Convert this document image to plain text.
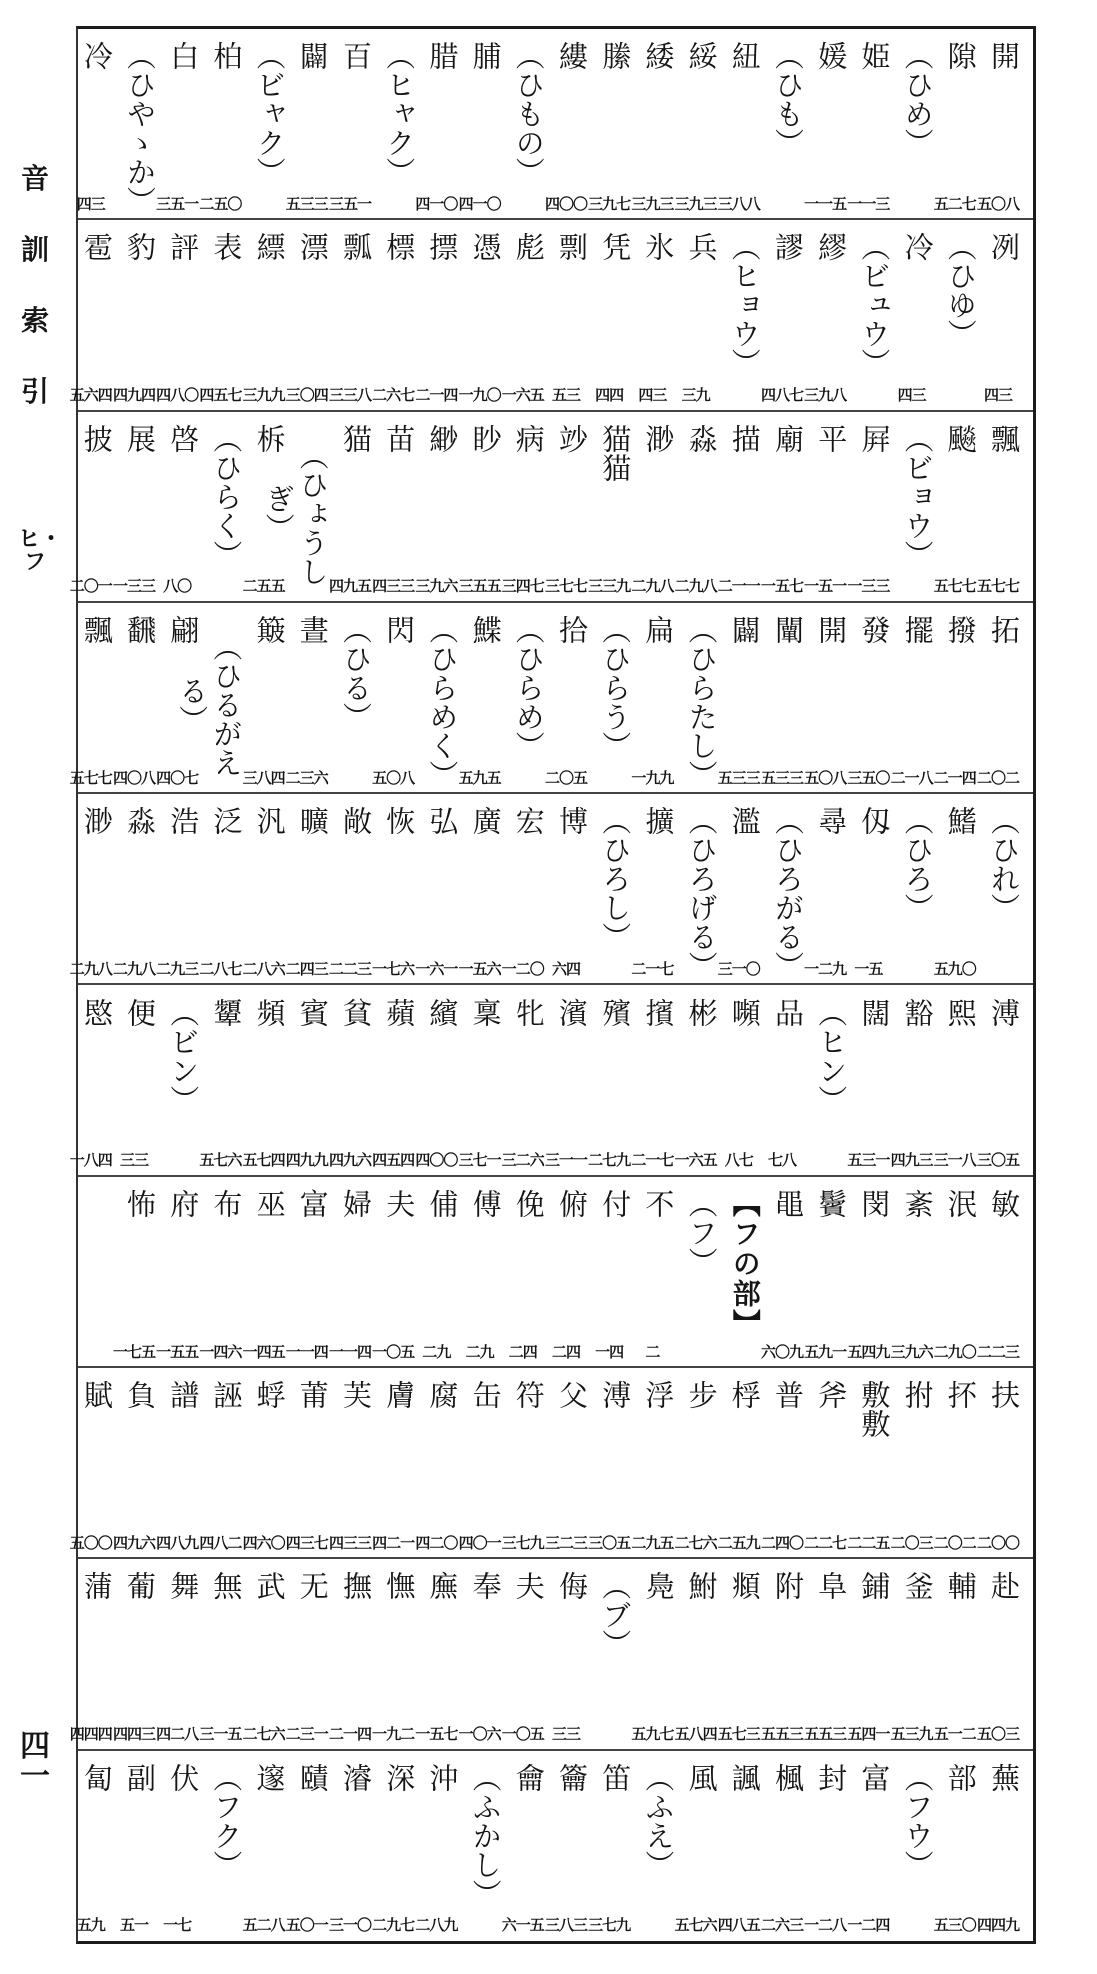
音
訓
索
引
ヒ・フ
四一
開
五〇八
隙
五二七
（ひめ）
姫
一一三
媛
一一五
（ひも）
紐
三八八
綏
三九三
緌
三九三
縢
三九七
縷
四〇〇
（ひもの）
脯
四一〇
腊
四一〇
（ヒャク）
百
三五一
闢
五三三
（ビャク）
柏
二五〇
白
三五一
（ひやゝか）
冷
四三
冽
四三
（ひゆ）
冷
四三
（ビュウ）
繆
三九八
謬
四八七
（ヒョウ）
兵
三九
氷
四三
凭
四四
剽
五三
彪
一六五
憑
一九〇
摽
二一四
標
二六七
瓢
三三八
漂
三〇四
縹
三九九
表
四五七
評
四八〇
豹
四九四
雹
五六四
飄
五七七
飈
五七七
（ビョウ）
屛
一三三
平
一五一
廟
一五七
描
二一一
淼
二九八
渺
二九八
猫猫
三三九
竗
三七七
病
三四七
眇
三五五
緲
三九六
苗
四三三
猫
四九五
（ひょうしぎ）
柝
二五五
（ひらく）
啓
八〇
展
一三三
披
二〇一
拓
二〇二
撥
二一四
擺
二一八
發
三五〇
開
五〇八
闡
五三三
闢
五三三
（ひらたし）
扁
一九九
（ひらう）
拾
二〇五
（ひらめ）
鰈
五九五
（ひらめく）
閃
五〇八
（ひる）
晝
二三六
簸
三八四
（ひるがえる）
翩
四〇七
飜
四〇八
飄
五七七
（ひれ）
鰭
五九〇
（ひろ）
仭
一五
尋
一二九
（ひろがる）
濫
三一〇
（ひろげる）
擴
二一七
（ひろし）
博
六四
宏
一二〇
廣
一五六
弘
一六一
恢
一七六
敞
二二三
曠
二四三
汎
二八六
泛
二八七
浩
二九三
淼
二九八
渺
二九八
溥
三〇五
熙
三一八
豁
四九三
闊
五三一
（ヒン）
品
七八
嚬
八七
彬
一六五
擯
二一七
殯
二七九
濱
三一一
牝
三二六
稟
三七一
繽
四〇〇
蘋
四五四
貧
四九六
賓
四九九
頻
五七四
顰
五七六
（ビン）
便
三三
愍
一八四
敏
二二三
泯
二九〇
紊
三九六
閔
五四九
鬢
五九一
黽
六〇九
【フの部】
（フ）
不
二
付
一四
俯
二四
俛
二四
傅
二九
俌
二九
夫
一〇五
婦
一一四
富
一一四
巫
一四五
布
一四六
府
一五五
怖
一七五
扶
二〇〇
抔
二〇二
拊
二〇三
敷敷
二二五
斧
二二七
普
二四〇
桴
二五九
步
二七六
浮
二九五
溥
三〇五
父
三二三
符
三七九
缶
四〇一
腐
四二〇
膚
四二一
芙
四三三
莆
四三七
蜉
四六〇
誣
四八二
譜
四八九
負
四九六
賦
五〇〇
赴
五〇三
輔
五一二
釜
五三九
鋪
五四一
阜
五五三
附
五五三
頫
五七三
鮒
五八四
鳧
五九七
（ブ）
侮
三三
夫
一〇五
奉
一〇六
廡
一五七
憮
一九二
撫
二一四
无
二三一
武
二七六
無
三一五
舞
四二八
葡
四四三
蒲
四四四
蕪
四四九
部
五三〇
（フウ）
富
一二四
封
一二八
楓
二六三
諷
四八五
風
五七六
（ふえ）
笛
三七九
籥
三八三
龠
六一五
（ふかし）
沖
二八九
深
二九七
濬
三一〇
賾
五〇一
邃
五二八
（フク）
伏
一七
副
五一
匐
五九
